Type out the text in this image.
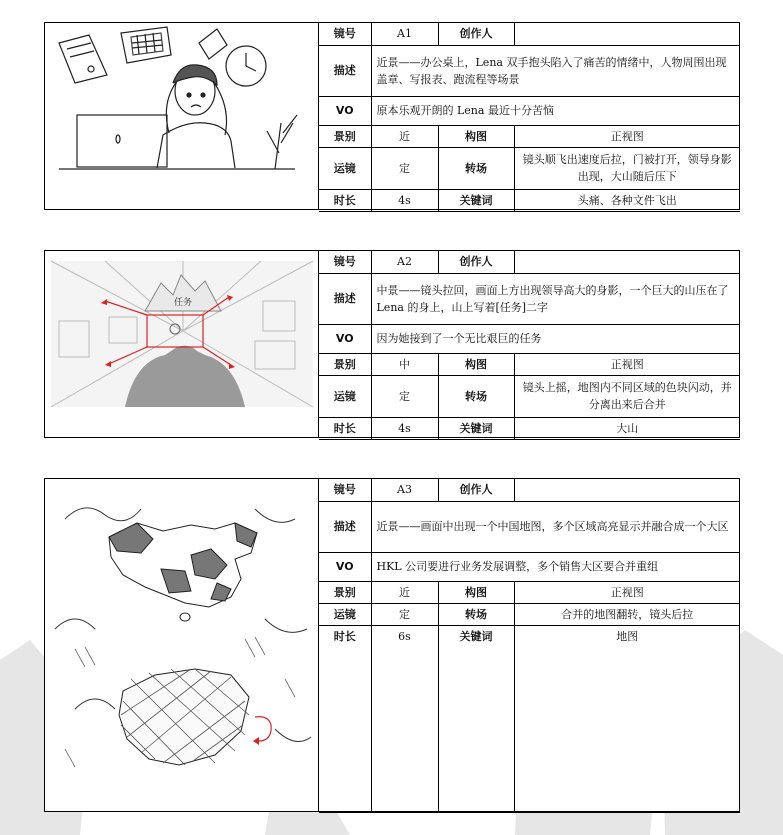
镜号	A1	创作人	
描述	近景——办公桌上，Lena 双手抱头陷入了痛苦的情绪中，人物周围出现盖章、写报表、跑流程等场景		
VO	原本乐观开朗的 Lena 最近十分苦恼		
景别	近	构图	正视图
运镜	定	转场	镜头顺飞出速度后拉，门被打开，领导身影出现，大山随后压下
时长	4s	关键词	头痛、各种文件飞出
任务
镜号	A2	创作人	
描述	中景——镜头拉回，画面上方出现领导高大的身影，一个巨大的山压在了 Lena 的身上，山上写着[任务]二字		
VO	因为她接到了一个无比艰巨的任务		
景别	中	构图	正视图
运镜	定	转场	镜头上摇，地图内不同区域的色块闪动，并分离出来后合并
时长	4s	关键词	大山
镜号	A3	创作人	
描述	近景——画面中出现一个中国地图，多个区域高亮显示并融合成一个大区		
VO	HKL 公司要进行业务发展调整，多个销售大区要合并重组		
景别	近	构图	正视图
运镜	定	转场	合并的地图翻转，镜头后拉
时长	6s	关键词	地图
